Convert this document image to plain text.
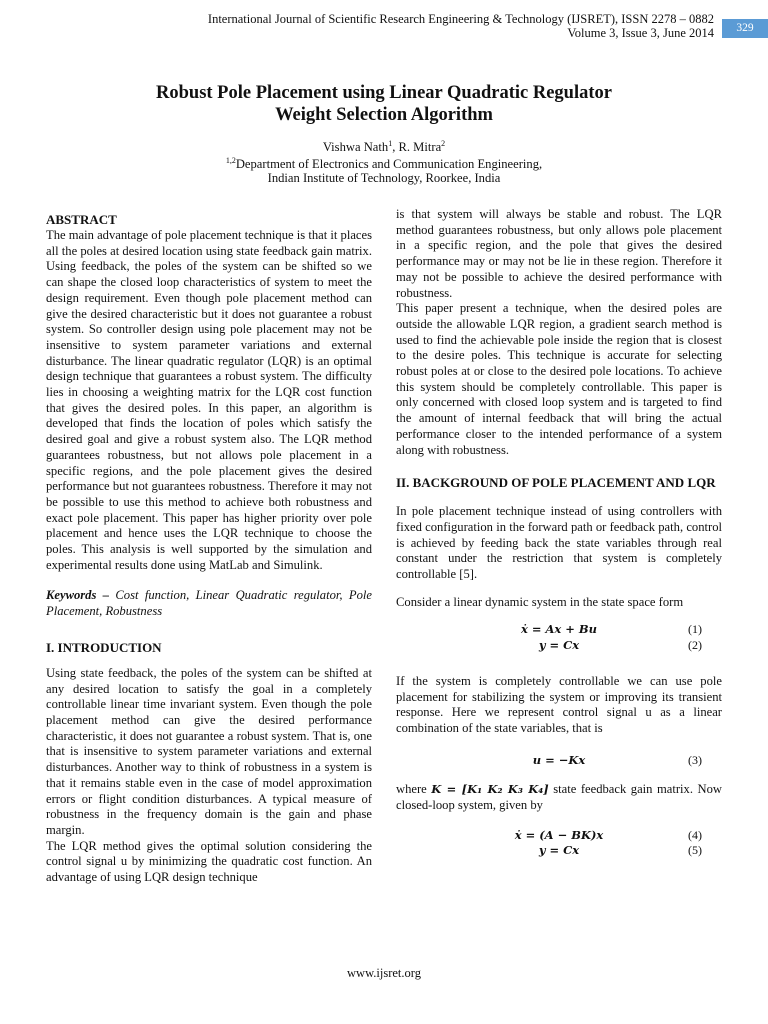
International Journal of Scientific Research Engineering & Technology (IJSRET), ISSN 2278 – 0882
Volume 3, Issue 3, June 2014	329
Robust Pole Placement using Linear Quadratic Regulator
Weight Selection Algorithm
Vishwa Nath$^1$, R. Mitra$^2$
$^{1,2}$Department of Electronics and Communication Engineering,
Indian Institute of Technology, Roorkee, India
ABSTRACT

The main advantage of pole placement technique is that it places all the poles at desired location using state feedback gain matrix. Using feedback, the poles of the system can be shifted so we can shape the closed loop characteristics of system to meet the design requirement. Even though pole placement method can give the desired characteristic but it does not guarantee a robust system. So controller design using pole placement may not be insensitive to system parameter variations and external disturbance. The linear quadratic regulator (LQR) is an optimal design technique that guarantees a robust system. The difficulty lies in choosing a weighting matrix for the LQR cost function that gives the desired poles. In this paper, an algorithm is developed that finds the location of poles which satisfy the desired goal and give a robust system also. The LQR method guarantees robustness, but not allows pole placement in a specific regions, and the pole placement gives the desired performance but not guarantees robustness. Therefore it may not be possible to use this method to achieve both robustness and exact pole placement. This paper has higher priority over pole placement and hence uses the LQR technique to choose the poles. This analysis is well supported by the simulation and experimental results done using MatLab and Simulink.

Keywords – Cost function, Linear Quadratic regulator, Pole Placement, Robustness

I. INTRODUCTION

Using state feedback, the poles of the system can be shifted at any desired location to satisfy the goal in a completely controllable linear time invariant system. Even though the pole placement method can give the desired performance characteristic, it does not guarantee a robust system. That is, one that is insensitive to system parameter variations and external disturbances. Another way to think of robustness in a system is that it remains stable even in the case of model approximation errors or flight condition disturbances. A typical measure of robustness in the frequency domain is the gain and phase margin.

The LQR method gives the optimal solution considering the control signal u by minimizing the quadratic cost function. An advantage of using LQR design technique

is that system will always be stable and robust. The LQR method guarantees robustness, but only allows pole placement in a specific region, and the pole that gives the desired performance may or may not be lie in these region. Therefore it may not be possible to achieve the desired performance with robustness.

This paper present a technique, when the desired poles are outside the allowable LQR region, a gradient search method is used to find the achievable pole inside the region that is closest to the desire poles. This technique is accurate for selecting robust poles at or close to the desired pole locations. To achieve this system should be completely controllable. This paper is only concerned with closed loop system and is targeted to find the amount of internal feedback that will bring the actual performance closer to the intended performance of a system along with robustness.

II. BACKGROUND OF POLE PLACEMENT AND LQR

In pole placement technique instead of using controllers with fixed configuration in the forward path or feedback path, control is achieved by feeding back the state variables through real constant under the restriction that system is completely controllable [5].

Consider a linear dynamic system in the state space form

ẋ = Ax + Bu	(1)
y = Cx	(2)

If the system is completely controllable we can use pole placement for stabilizing the system or improving its transient response. Here we represent control signal u as a linear combination of the state variables, that is

u = −Kx	(3)

where K = [K₁ K₂ K₃ K₄] state feedback gain matrix. Now closed-loop system, given by

ẋ = (A − BK)x	(4)
y = Cx	(5)
www.ijsret.org
